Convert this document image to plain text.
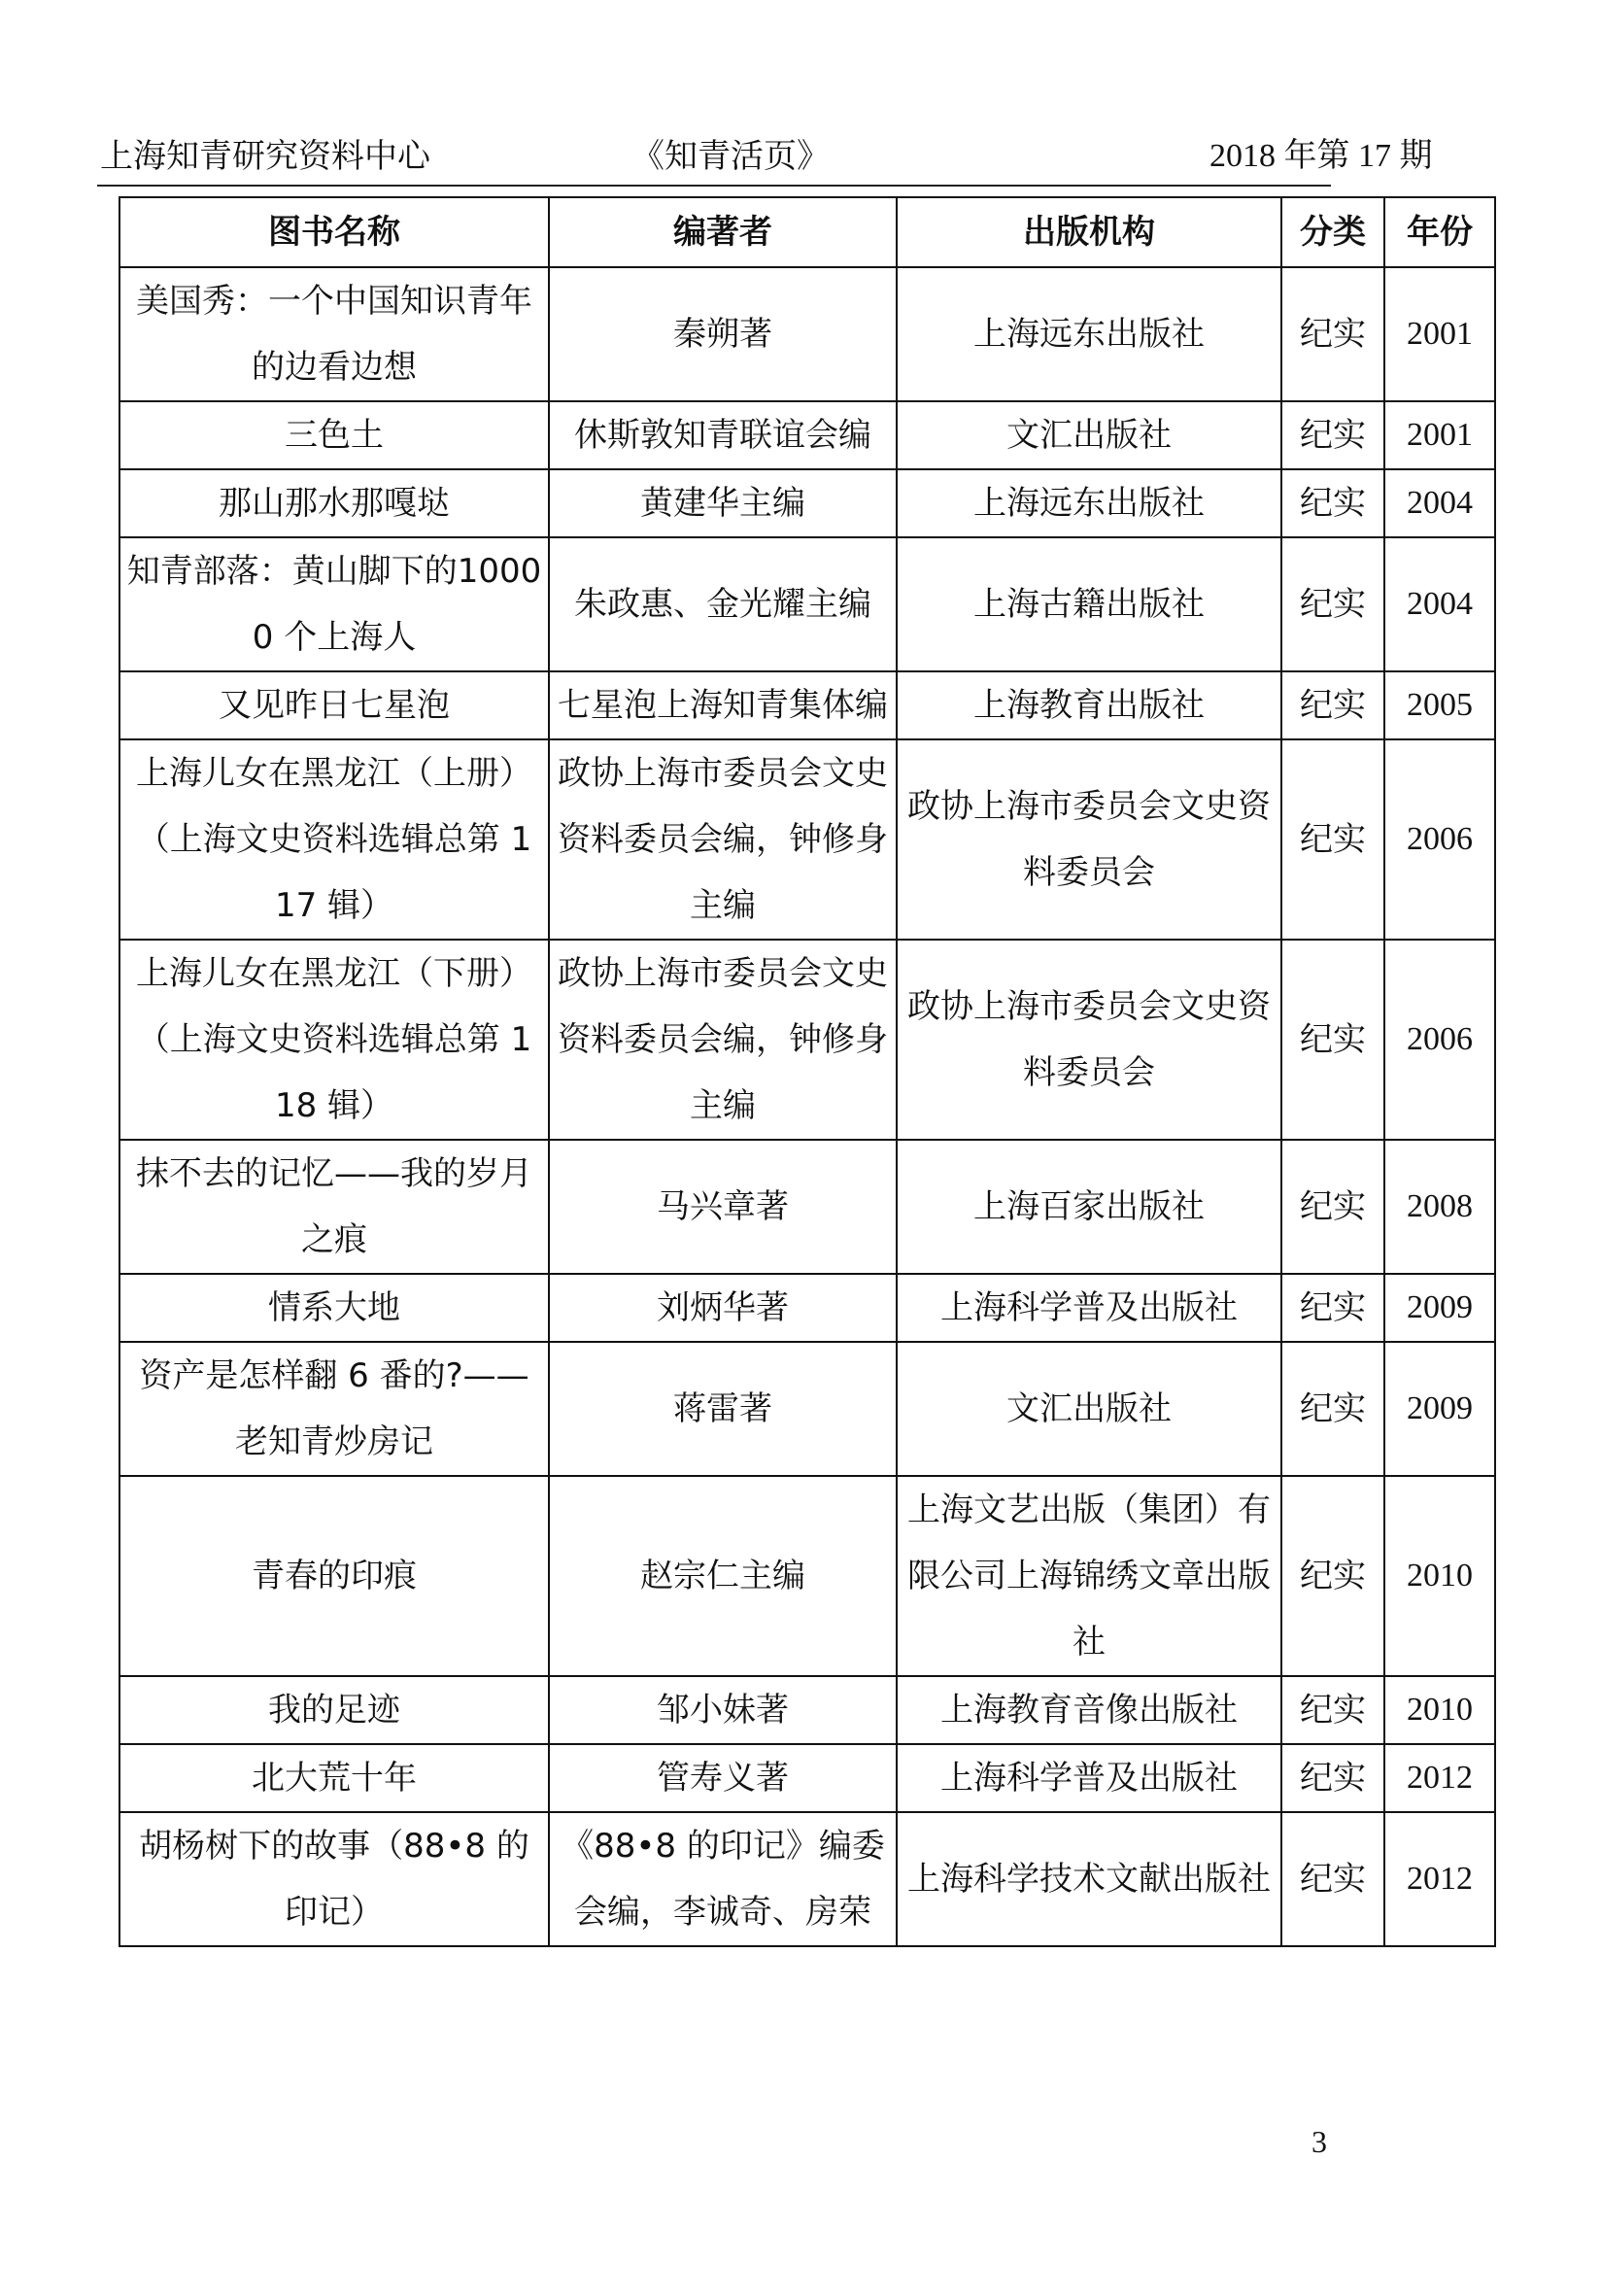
上海知青研究资料中心	《知青活页》	2018 年第 17 期
图书名称	编著者	出版机构	分类	年份
美国秀：一个中国知识青年的边看边想	秦朔著	上海远东出版社	纪实	2001
三色土	休斯敦知青联谊会编	文汇出版社	纪实	2001
那山那水那嘎垯	黄建华主编	上海远东出版社	纪实	2004
知青部落：黄山脚下的10000 个上海人	朱政惠、金光耀主编	上海古籍出版社	纪实	2004
又见昨日七星泡	七星泡上海知青集体编	上海教育出版社	纪实	2005
上海儿女在黑龙江（上册）（上海文史资料选辑总第 117 辑）	政协上海市委员会文史资料委员会编，钟修身主编	政协上海市委员会文史资料委员会	纪实	2006
上海儿女在黑龙江（下册）（上海文史资料选辑总第 118 辑）	政协上海市委员会文史资料委员会编，钟修身主编	政协上海市委员会文史资料委员会	纪实	2006
抹不去的记忆——我的岁月之痕	马兴章著	上海百家出版社	纪实	2008
情系大地	刘炳华著	上海科学普及出版社	纪实	2009
资产是怎样翻 6 番的?——老知青炒房记	蒋雷著	文汇出版社	纪实	2009
青春的印痕	赵宗仁主编	上海文艺出版（集团）有限公司上海锦绣文章出版社	纪实	2010
我的足迹	邹小妹著	上海教育音像出版社	纪实	2010
北大荒十年	管寿义著	上海科学普及出版社	纪实	2012
胡杨树下的故事（88•8 的印记）	《88•8 的印记》编委会编，李诚奇、房荣	上海科学技术文献出版社	纪实	2012
3
